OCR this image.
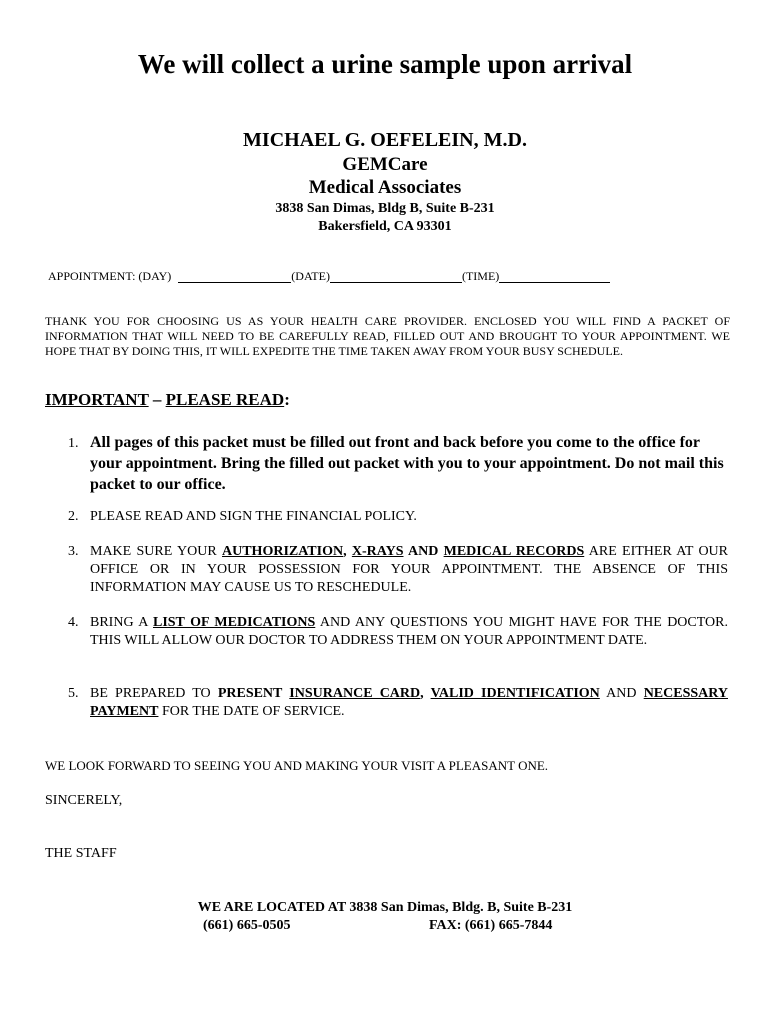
We will collect a urine sample upon arrival
MICHAEL G. OEFELEIN, M.D.
GEMCare
Medical Associates
3838 San Dimas, Bldg B, Suite B-231
Bakersfield, CA 93301
APPOINTMENT: (DAY)	(DATE)	(TIME)

THANK YOU FOR CHOOSING US AS YOUR HEALTH CARE PROVIDER. ENCLOSED YOU WILL FIND A PACKET OF INFORMATION THAT WILL NEED TO BE CAREFULLY READ, FILLED OUT AND BROUGHT TO YOUR APPOINTMENT. WE HOPE THAT BY DOING THIS, IT WILL EXPEDITE THE TIME TAKEN AWAY FROM YOUR BUSY SCHEDULE.

IMPORTANT – PLEASE READ:
1. All pages of this packet must be filled out front and back before you come to the office for your appointment. Bring the filled out packet with you to your appointment. Do not mail this packet to our office.
2. PLEASE READ AND SIGN THE FINANCIAL POLICY.
3. MAKE SURE YOUR AUTHORIZATION, X-RAYS AND MEDICAL RECORDS ARE EITHER AT OUR OFFICE OR IN YOUR POSSESSION FOR YOUR APPOINTMENT. THE ABSENCE OF THIS INFORMATION MAY CAUSE US TO RESCHEDULE.
4. BRING A LIST OF MEDICATIONS AND ANY QUESTIONS YOU MIGHT HAVE FOR THE DOCTOR. THIS WILL ALLOW OUR DOCTOR TO ADDRESS THEM ON YOUR APPOINTMENT DATE.
5. BE PREPARED TO PRESENT INSURANCE CARD, VALID IDENTIFICATION AND NECESSARY PAYMENT FOR THE DATE OF SERVICE.
WE LOOK FORWARD TO SEEING YOU AND MAKING YOUR VISIT A PLEASANT ONE.
SINCERELY,
THE STAFF
WE ARE LOCATED AT 3838 San Dimas, Bldg. B, Suite B-231
(661) 665-0505	FAX: (661) 665-7844
